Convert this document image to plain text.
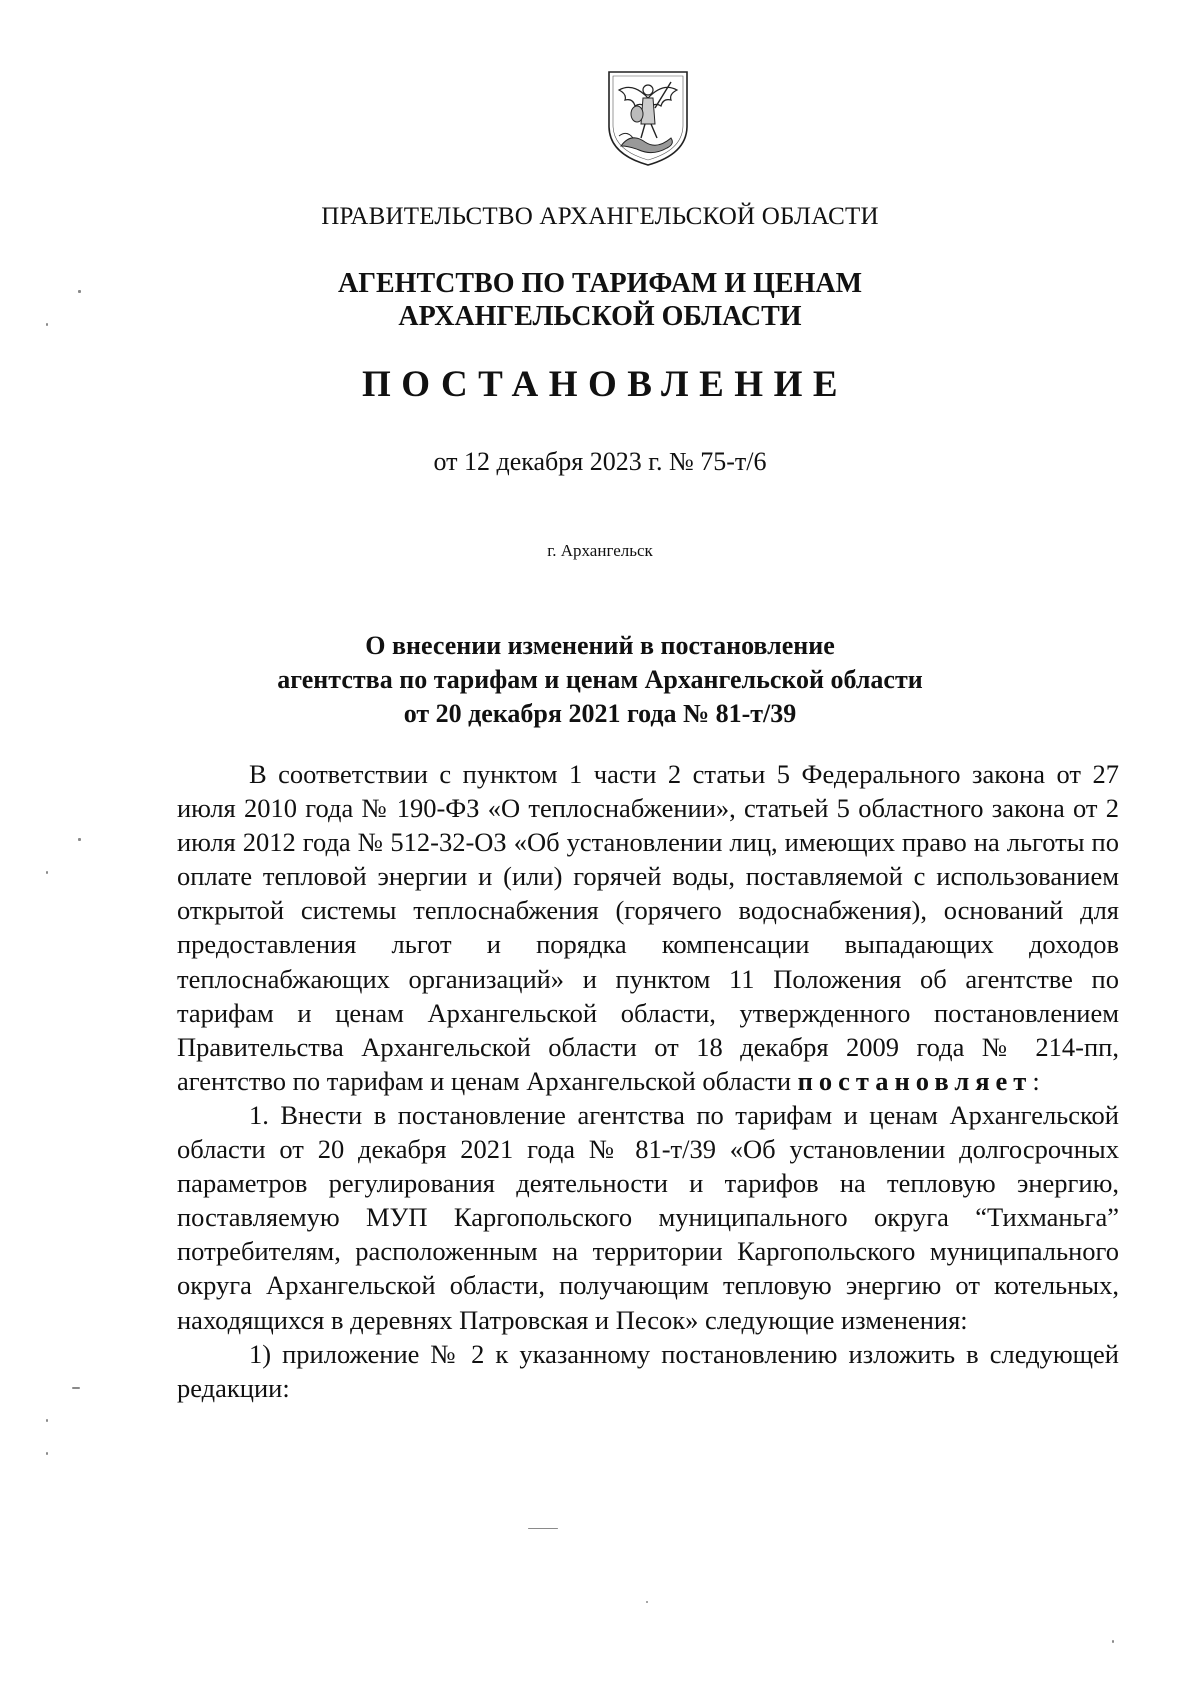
ПРАВИТЕЛЬСТВО АРХАНГЕЛЬСКОЙ ОБЛАСТИ
АГЕНТСТВО ПО ТАРИФАМ И ЦЕНАМ
АРХАНГЕЛЬСКОЙ ОБЛАСТИ
ПОСТАНОВЛЕНИЕ
от 12 декабря 2023 г. № 75-т/6
г. Архангельск
О внесении изменений в постановление
агентства по тарифам и ценам Архангельской области
от 20 декабря 2021 года № 81-т/39

В соответствии с пунктом 1 части 2 статьи 5 Федерального закона от 27 июля 2010 года № 190-ФЗ «О теплоснабжении», статьей 5 областного закона от 2 июля 2012 года № 512-32-ОЗ «Об установлении лиц, имеющих право на льготы по оплате тепловой энергии и (или) горячей воды, поставляемой с использованием открытой системы теплоснабжения (горячего водоснабжения), оснований для предоставления льгот и порядка компенсации выпадающих доходов теплоснабжающих организаций» и пунктом 11 Положения об агентстве по тарифам и ценам Архангельской области, утвержденного постановлением Правительства Архангельской области от 18 декабря 2009 года № 214-пп, агентство по тарифам и ценам Архангельской области постановляет:

1. Внести в постановление агентства по тарифам и ценам Архангельской области от 20 декабря 2021 года № 81-т/39 «Об установлении долгосрочных параметров регулирования деятельности и тарифов на тепловую энергию, поставляемую МУП Каргопольского муниципального округа “Тихманьга” потребителям, расположенным на территории Каргопольского муниципального округа Архангельской области, получающим тепловую энергию от котельных, находящихся в деревнях Патровская и Песок» следующие изменения:

1) приложение № 2 к указанному постановлению изложить в следующей редакции:
